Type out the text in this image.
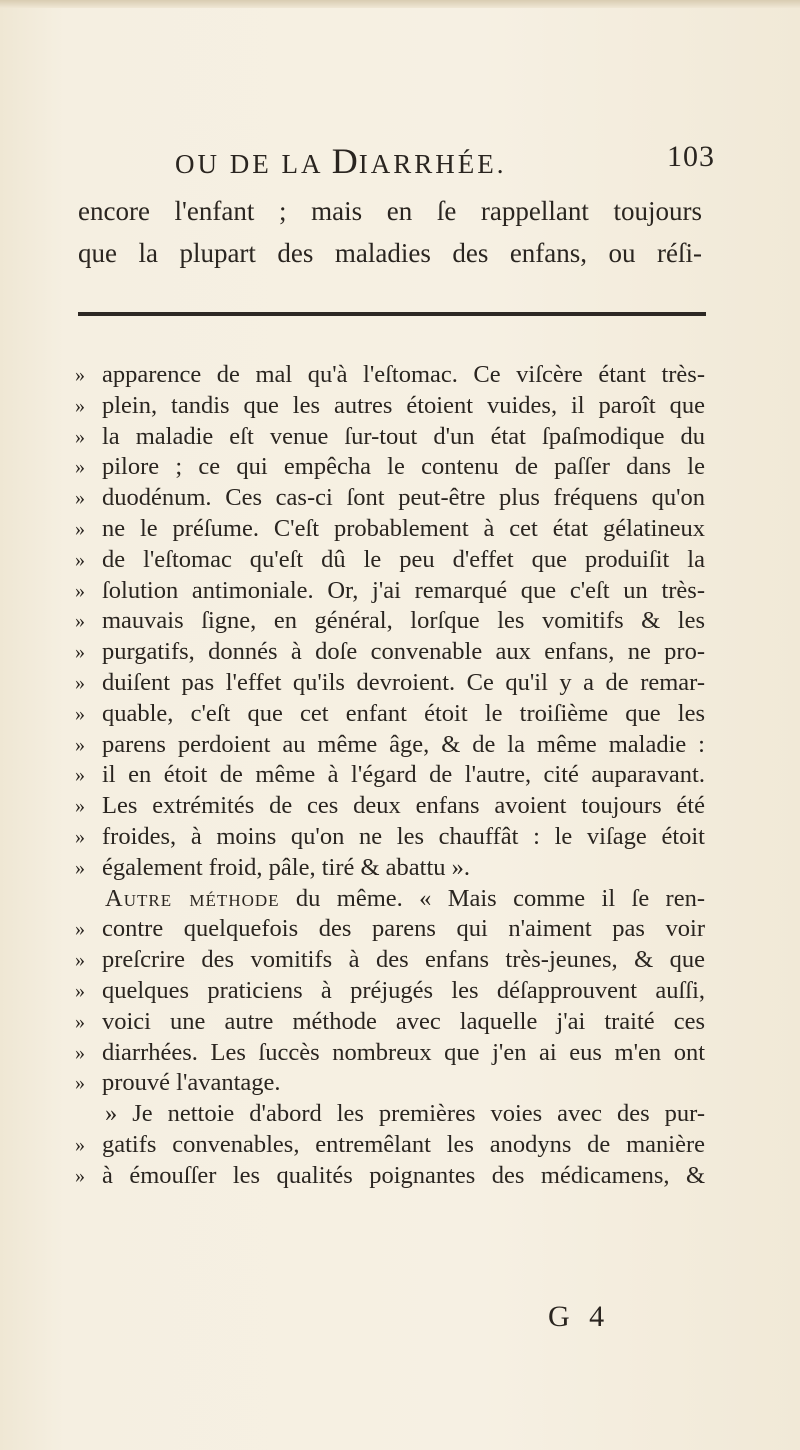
OU DE LA DIARRHÉE.	103
encore l'enfant ; mais en ſe rappellant toujours
que la plupart des maladies des enfans, ou réſi-
» apparence de mal qu'à l'eſtomac. Ce viſcère étant très-
» plein, tandis que les autres étoient vuides, il paroît que
» la maladie eſt venue ſur-tout d'un état ſpaſmodique du
» pilore ; ce qui empêcha le contenu de paſſer dans le
» duodénum. Ces cas-ci ſont peut-être plus fréquens qu'on
» ne le préſume. C'eſt probablement à cet état gélatineux
» de l'eſtomac qu'eſt dû le peu d'effet que produiſit la
» ſolution antimoniale. Or, j'ai remarqué que c'eſt un très-
» mauvais ſigne, en général, lorſque les vomitifs & les
» purgatifs, donnés à doſe convenable aux enfans, ne pro-
» duiſent pas l'effet qu'ils devroient. Ce qu'il y a de remar-
» quable, c'eſt que cet enfant étoit le troiſième que les
» parens perdoient au même âge, & de la même maladie :
» il en étoit de même à l'égard de l'autre, cité auparavant.
» Les extrémités de ces deux enfans avoient toujours été
» froides, à moins qu'on ne les chauffât : le viſage étoit
» également froid, pâle, tiré & abattu ».
Autre méthode du même. « Mais comme il ſe ren-
» contre quelquefois des parens qui n'aiment pas voir
» preſcrire des vomitifs à des enfans très-jeunes, & que
» quelques praticiens à préjugés les déſapprouvent auſſi,
» voici une autre méthode avec laquelle j'ai traité ces
» diarrhées. Les ſuccès nombreux que j'en ai eus m'en ont
» prouvé l'avantage.
» Je nettoie d'abord les premières voies avec des pur-
» gatifs convenables, entremêlant les anodyns de manière
» à émouſſer les qualités poignantes des médicamens, &
G 4
